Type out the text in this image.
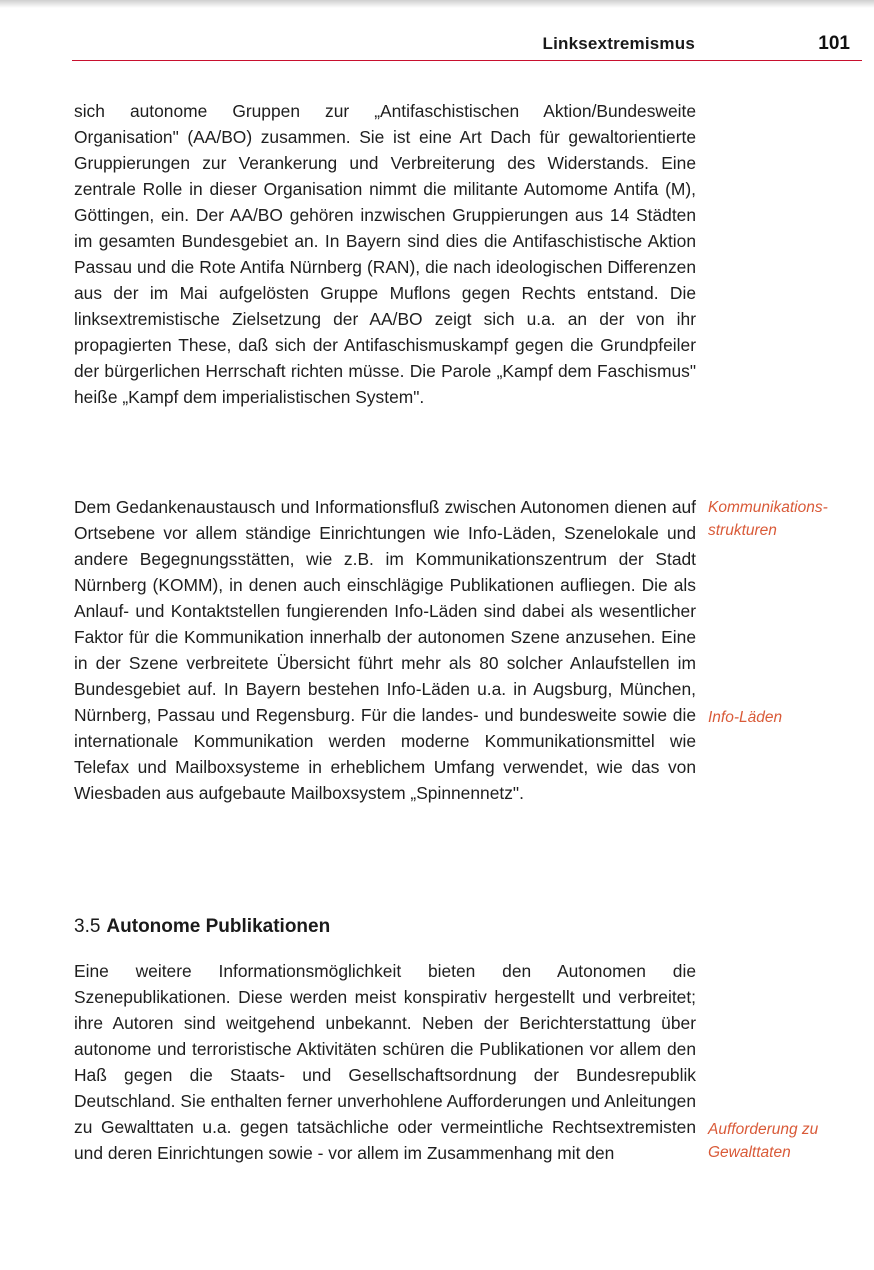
Linksextremismus	101

sich autonome Gruppen zur „Antifaschistischen Aktion/Bundesweite Organisation" (AA/BO) zusammen. Sie ist eine Art Dach für gewaltorientierte Gruppierungen zur Verankerung und Verbreiterung des Widerstands. Eine zentrale Rolle in dieser Organisation nimmt die militante Automome Antifa (M), Göttingen, ein. Der AA/BO gehören inzwischen Gruppierungen aus 14 Städten im gesamten Bundesgebiet an. In Bayern sind dies die Antifaschistische Aktion Passau und die Rote Antifa Nürnberg (RAN), die nach ideologischen Differenzen aus der im Mai aufgelösten Gruppe Muflons gegen Rechts entstand. Die linksextremistische Zielsetzung der AA/BO zeigt sich u.a. an der von ihr propagierten These, daß sich der Antifaschismuskampf gegen die Grundpfeiler der bürgerlichen Herrschaft richten müsse. Die Parole „Kampf dem Faschismus" heiße „Kampf dem imperialistischen System".

Dem Gedankenaustausch und Informationsfluß zwischen Autonomen dienen auf Ortsebene vor allem ständige Einrichtungen wie Info-Läden, Szenelokale und andere Begegnungsstätten, wie z.B. im Kommunikationszentrum der Stadt Nürnberg (KOMM), in denen auch einschlägige Publikationen aufliegen. Die als Anlauf- und Kontaktstellen fungierenden Info-Läden sind dabei als wesentlicher Faktor für die Kommunikation innerhalb der autonomen Szene anzusehen. Eine in der Szene verbreitete Übersicht führt mehr als 80 solcher Anlaufstellen im Bundesgebiet auf. In Bayern bestehen Info-Läden u.a. in Augsburg, München, Nürnberg, Passau und Regensburg. Für die landes- und bundesweite sowie die internationale Kommunikation werden moderne Kommunikationsmittel wie Telefax und Mailboxsysteme in erheblichem Umfang verwendet, wie das von Wiesbaden aus aufgebaute Mailboxsystem „Spinnennetz".

Kommunikations-strukturen

Info-Läden

3.5 Autonome Publikationen

Eine weitere Informationsmöglichkeit bieten den Autonomen die Szenepublikationen. Diese werden meist konspirativ hergestellt und verbreitet; ihre Autoren sind weitgehend unbekannt. Neben der Berichterstattung über autonome und terroristische Aktivitäten schüren die Publikationen vor allem den Haß gegen die Staats- und Gesellschaftsordnung der Bundesrepublik Deutschland. Sie enthalten ferner unverhohlene Aufforderungen und Anleitungen zu Gewalttaten u.a. gegen tatsächliche oder vermeintliche Rechtsextremisten und deren Einrichtungen sowie - vor allem im Zusammenhang mit den

Aufforderung zu Gewalttaten
